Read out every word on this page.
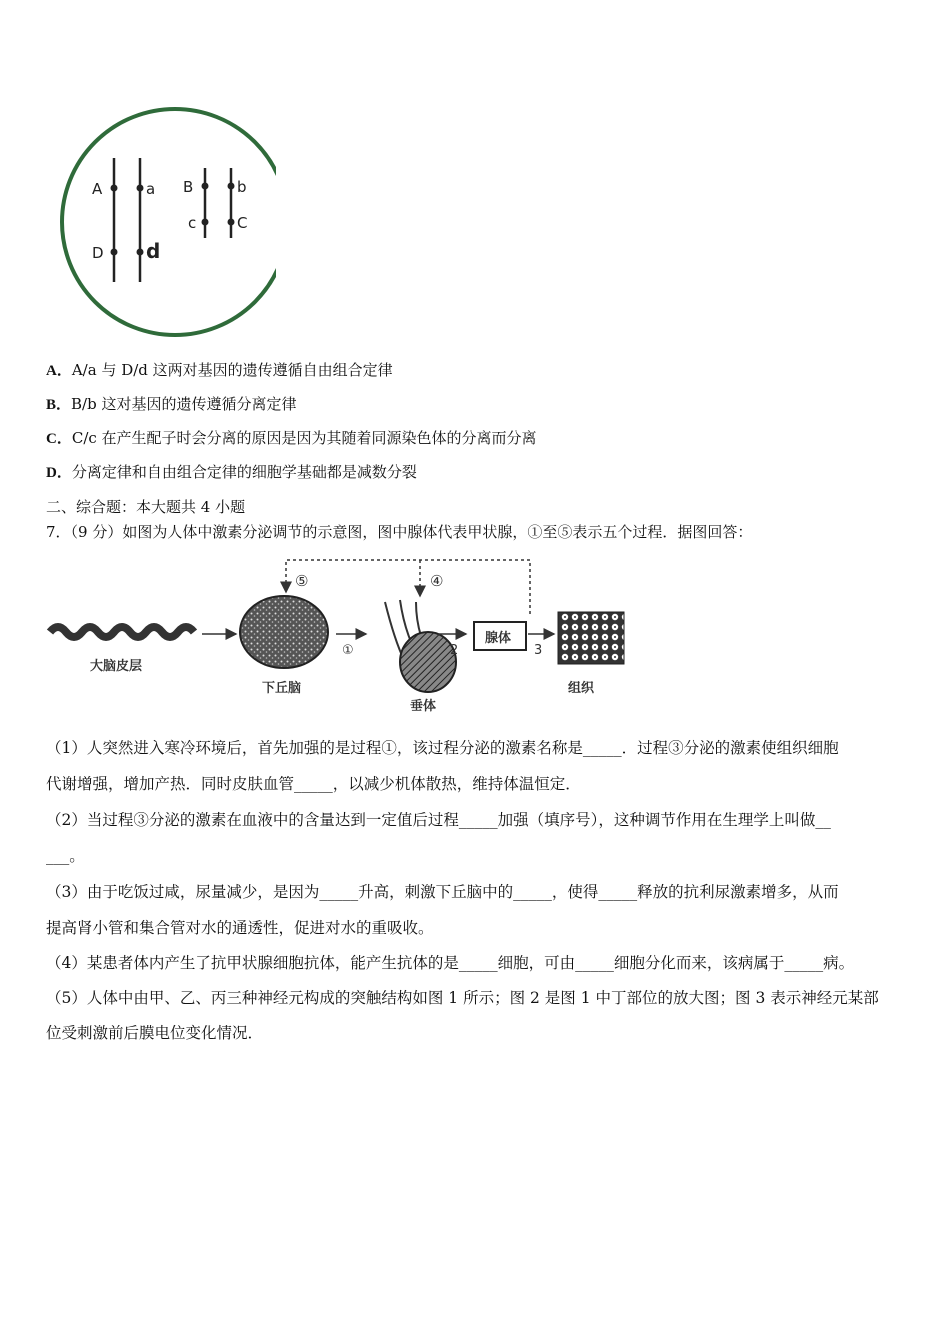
A	a
D d
B	b
c	C
A．A/a 与 D/d 这两对基因的遗传遵循自由组合定律
B．B/b 这对基因的遗传遵循分离定律
C．C/c 在产生配子时会分离的原因是因为其随着同源染色体的分离而分离
D．分离定律和自由组合定律的细胞学基础都是减数分裂
二、综合题：本大题共 4 小题
7．（9 分）如图为人体中激素分泌调节的示意图，图中腺体代表甲状腺，①至⑤表示五个过程．据图回答：
大脑皮层
下丘脑
①
垂体
2
腺体
3
组织
⑤	④
（1）人突然进入寒冷环境后，首先加强的是过程①，该过程分泌的激素名称是_____．过程③分泌的激素使组织细胞
代谢增强，增加产热．同时皮肤血管_____，以减少机体散热，维持体温恒定．
（2）当过程③分泌的激素在血液中的含量达到一定值后过程_____加强（填序号），这种调节作用在生理学上叫做__
___。
（3）由于吃饭过咸，尿量减少，是因为_____升高，刺激下丘脑中的_____，使得_____释放的抗利尿激素增多，从而
提高肾小管和集合管对水的通透性，促进对水的重吸收。
（4）某患者体内产生了抗甲状腺细胞抗体，能产生抗体的是_____细胞，可由_____细胞分化而来，该病属于_____病。
（5）人体中由甲、乙、丙三种神经元构成的突触结构如图 1 所示；图 2 是图 1 中丁部位的放大图；图 3 表示神经元某部
位受刺激前后膜电位变化情况．
